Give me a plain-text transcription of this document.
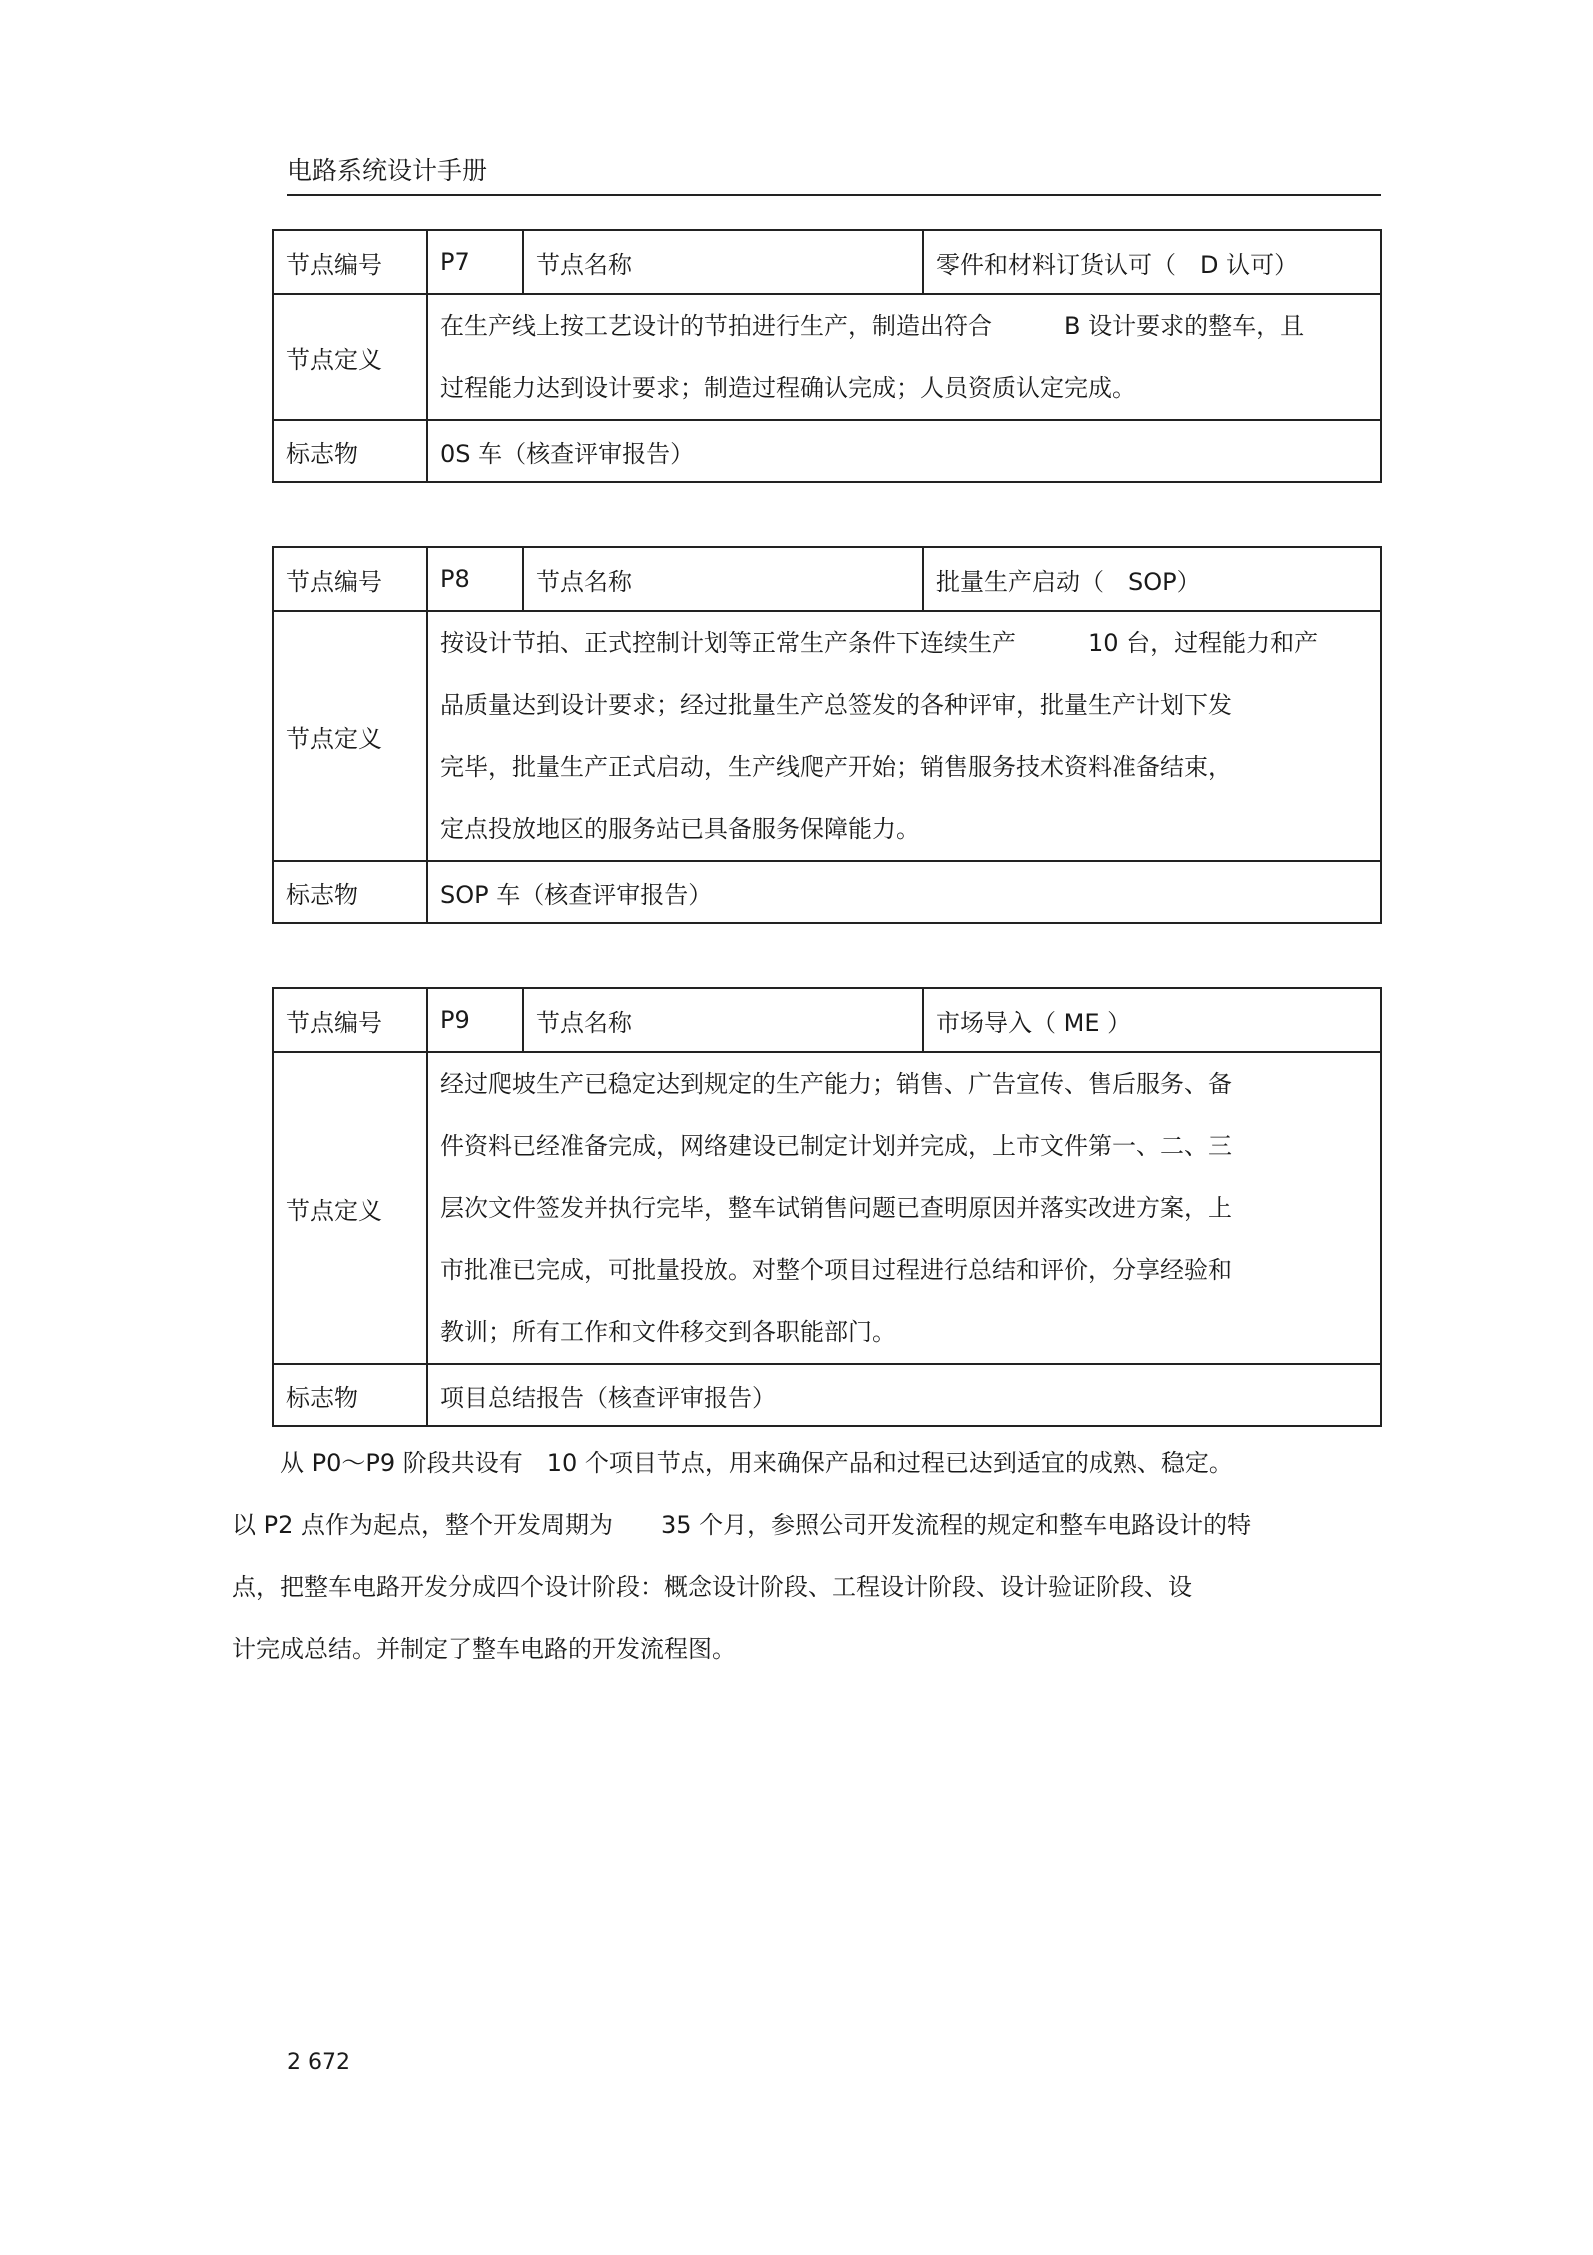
电路系统设计手册
节点编号	P7	节点名称	零件和材料订货认可（　D 认可）
节点定义	在生产线上按工艺设计的节拍进行生产，制造出符合　　　B 设计要求的整车，且
过程能力达到设计要求；制造过程确认完成；人员资质认定完成。		

标志物	0S 车（核查评审报告）		
节点编号	P8	节点名称	批量生产启动（　SOP）
节点定义	按设计节拍、正式控制计划等正常生产条件下连续生产　　　10 台，过程能力和产
品质量达到设计要求；经过批量生产总签发的各种评审，批量生产计划下发
完毕，批量生产正式启动，生产线爬产开始；销售服务技术资料准备结束，
定点投放地区的服务站已具备服务保障能力。		

标志物	SOP 车（核查评审报告）		
节点编号	P9	节点名称	市场导入（ ME ）
节点定义	经过爬坡生产已稳定达到规定的生产能力；销售、广告宣传、售后服务、备
件资料已经准备完成，网络建设已制定计划并完成，上市文件第一、二、三
层次文件签发并执行完毕，整车试销售问题已查明原因并落实改进方案，上
市批准已完成，可批量投放。对整个项目过程进行总结和评价，分享经验和
教训；所有工作和文件移交到各职能部门。		

标志物	项目总结报告（核查评审报告）		
　　从 P0～P9 阶段共设有　10 个项目节点，用来确保产品和过程已达到适宜的成熟、稳定。
以 P2 点作为起点，整个开发周期为　　35 个月，参照公司开发流程的规定和整车电路设计的特
点，把整车电路开发分成四个设计阶段：概念设计阶段、工程设计阶段、设计验证阶段、设
计完成总结。并制定了整车电路的开发流程图。
2 672
